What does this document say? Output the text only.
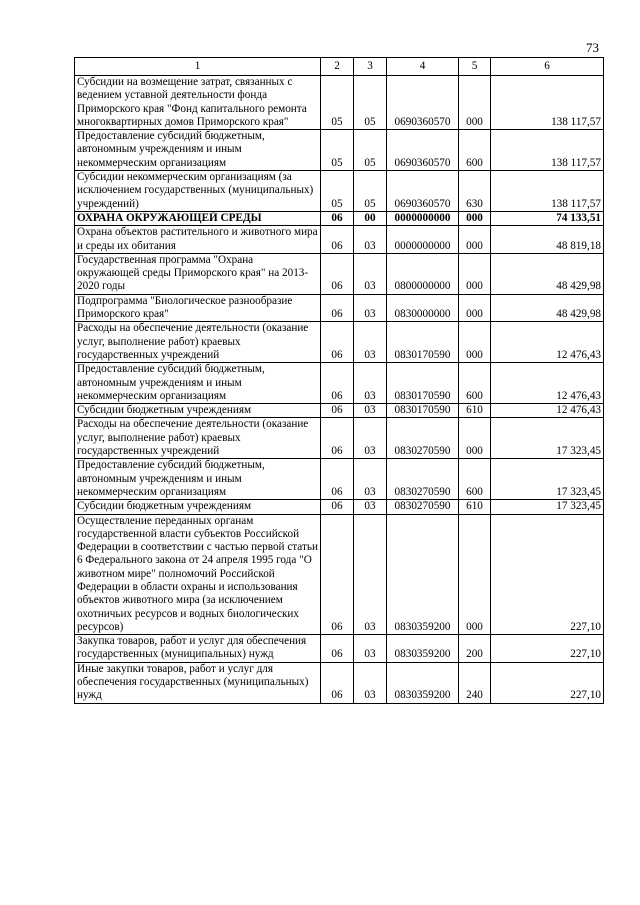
73
1	2	3	4	5	6
Субсидии на возмещение затрат, связанных с ведением уставной деятельности фонда Приморского края "Фонд капитального ремонта многоквартирных домов Приморского края"	05	05	0690360570	000	138 117,57
Предоставление субсидий бюджетным, автономным учреждениям и иным некоммерческим организациям	05	05	0690360570	600	138 117,57
Субсидии некоммерческим организациям (за исключением государственных (муниципальных) учреждений)	05	05	0690360570	630	138 117,57
ОХРАНА ОКРУЖАЮЩЕЙ СРЕДЫ	06	00	0000000000	000	74 133,51
Охрана объектов растительного и животного мира и среды их обитания	06	03	0000000000	000	48 819,18
Государственная программа "Охрана окружающей среды Приморского края" на 2013-2020 годы	06	03	0800000000	000	48 429,98
Подпрограмма "Биологическое разнообразие Приморского края"	06	03	0830000000	000	48 429,98
Расходы на обеспечение деятельности (оказание услуг, выполнение работ) краевых государственных учреждений	06	03	0830170590	000	12 476,43
Предоставление субсидий бюджетным, автономным учреждениям и иным некоммерческим организациям	06	03	0830170590	600	12 476,43
Субсидии бюджетным учреждениям	06	03	0830170590	610	12 476,43
Расходы на обеспечение деятельности (оказание услуг, выполнение работ) краевых государственных учреждений	06	03	0830270590	000	17 323,45
Предоставление субсидий бюджетным, автономным учреждениям и иным некоммерческим организациям	06	03	0830270590	600	17 323,45
Субсидии бюджетным учреждениям	06	03	0830270590	610	17 323,45
Осуществление переданных органам государственной власти субъектов Российской Федерации в соответствии с частью первой статьи 6 Федерального закона от 24 апреля 1995 года "О животном мире" полномочий Российской Федерации в области охраны и использования объектов животного мира (за исключением охотничьих ресурсов и водных биологических ресурсов)	06	03	0830359200	000	227,10
Закупка товаров, работ и услуг для обеспечения государственных (муниципальных) нужд	06	03	0830359200	200	227,10
Иные закупки товаров, работ и услуг для обеспечения государственных (муниципальных) нужд	06	03	0830359200	240	227,10
